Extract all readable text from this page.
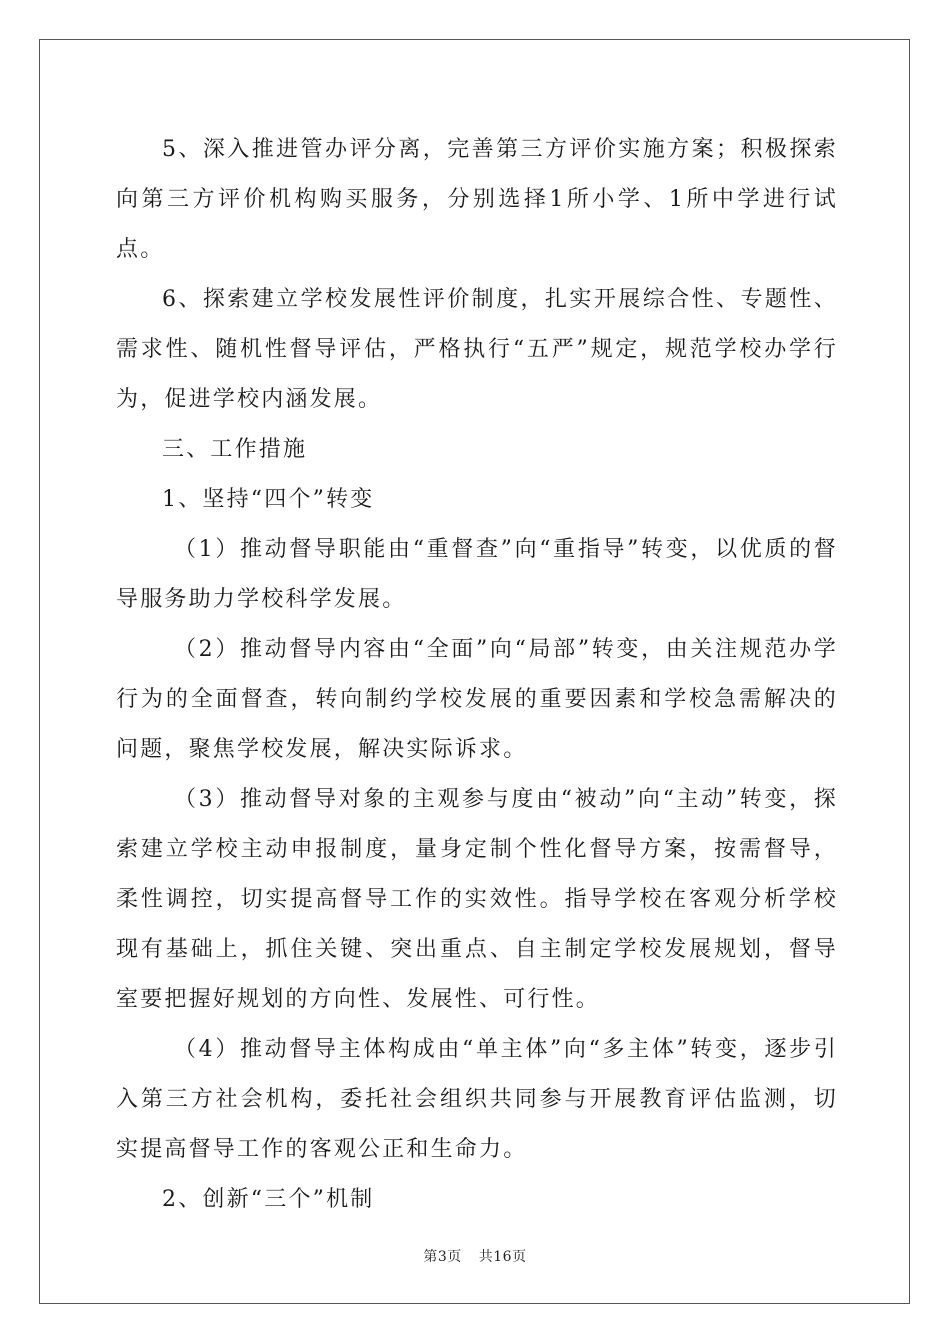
5、深入推进管办评分离，完善第三方评价实施方案；积极探索向第三方评价机构购买服务，分别选择1所小学、1所中学进行试点。

6、探索建立学校发展性评价制度，扎实开展综合性、专题性、需求性、随机性督导评估，严格执行“五严”规定，规范学校办学行为，促进学校内涵发展。

三、工作措施

1、坚持“四个”转变

（1）推动督导职能由“重督查”向“重指导”转变，以优质的督导服务助力学校科学发展。

（2）推动督导内容由“全面”向“局部”转变，由关注规范办学行为的全面督查，转向制约学校发展的重要因素和学校急需解决的问题，聚焦学校发展，解决实际诉求。

（3）推动督导对象的主观参与度由“被动”向“主动”转变，探索建立学校主动申报制度，量身定制个性化督导方案，按需督导，柔性调控，切实提高督导工作的实效性。指导学校在客观分析学校现有基础上，抓住关键、突出重点、自主制定学校发展规划，督导室要把握好规划的方向性、发展性、可行性。

（4）推动督导主体构成由“单主体”向“多主体”转变，逐步引入第三方社会机构，委托社会组织共同参与开展教育评估监测，切实提高督导工作的客观公正和生命力。

2、创新“三个”机制

第3页 共16页
